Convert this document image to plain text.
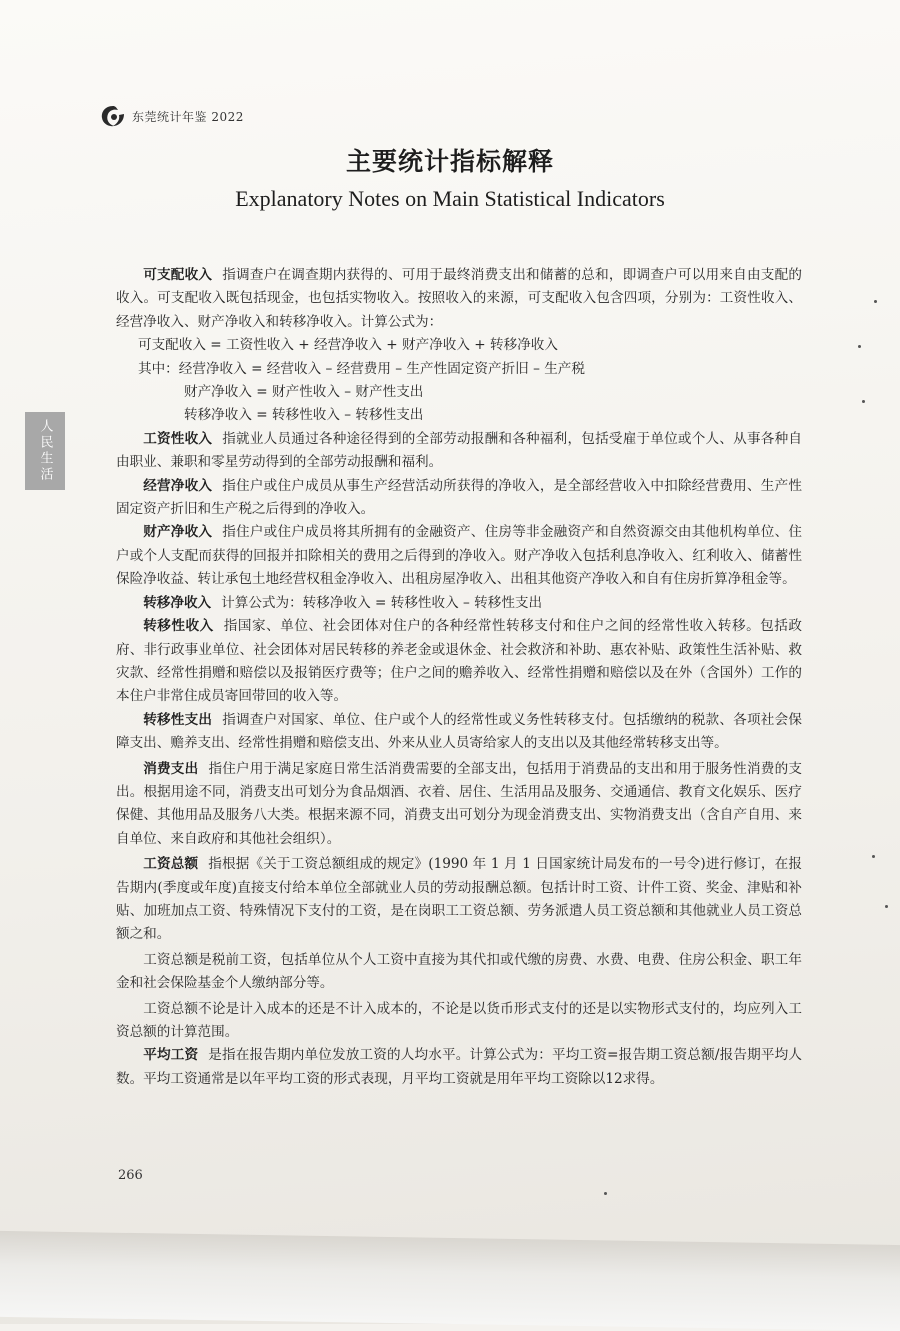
东莞统计年鉴 2022
主要统计指标解释
Explanatory Notes on Main Statistical Indicators
人民生活

可支配收入 指调查户在调查期内获得的、可用于最终消费支出和储蓄的总和，即调查户可以用来自由支配的收入。可支配收入既包括现金，也包括实物收入。按照收入的来源，可支配收入包含四项，分别为：工资性收入、经营净收入、财产净收入和转移净收入。计算公式为：

可支配收入 = 工资性收入 + 经营净收入 + 财产净收入 + 转移净收入

其中：经营净收入 = 经营收入 – 经营费用 – 生产性固定资产折旧 – 生产税

财产净收入 = 财产性收入 – 财产性支出

转移净收入 = 转移性收入 – 转移性支出

工资性收入 指就业人员通过各种途径得到的全部劳动报酬和各种福利，包括受雇于单位或个人、从事各种自由职业、兼职和零星劳动得到的全部劳动报酬和福利。

经营净收入 指住户或住户成员从事生产经营活动所获得的净收入，是全部经营收入中扣除经营费用、生产性固定资产折旧和生产税之后得到的净收入。

财产净收入 指住户或住户成员将其所拥有的金融资产、住房等非金融资产和自然资源交由其他机构单位、住户或个人支配而获得的回报并扣除相关的费用之后得到的净收入。财产净收入包括利息净收入、红利收入、储蓄性保险净收益、转让承包土地经营权租金净收入、出租房屋净收入、出租其他资产净收入和自有住房折算净租金等。

转移净收入 计算公式为：转移净收入 = 转移性收入 – 转移性支出

转移性收入 指国家、单位、社会团体对住户的各种经常性转移支付和住户之间的经常性收入转移。包括政府、非行政事业单位、社会团体对居民转移的养老金或退休金、社会救济和补助、惠农补贴、政策性生活补贴、救灾款、经常性捐赠和赔偿以及报销医疗费等；住户之间的赡养收入、经常性捐赠和赔偿以及在外（含国外）工作的本住户非常住成员寄回带回的收入等。

转移性支出 指调查户对国家、单位、住户或个人的经常性或义务性转移支付。包括缴纳的税款、各项社会保障支出、赡养支出、经常性捐赠和赔偿支出、外来从业人员寄给家人的支出以及其他经常转移支出等。

消费支出 指住户用于满足家庭日常生活消费需要的全部支出，包括用于消费品的支出和用于服务性消费的支出。根据用途不同，消费支出可划分为食品烟酒、衣着、居住、生活用品及服务、交通通信、教育文化娱乐、医疗保健、其他用品及服务八大类。根据来源不同，消费支出可划分为现金消费支出、实物消费支出（含自产自用、来自单位、来自政府和其他社会组织）。

工资总额 指根据《关于工资总额组成的规定》(1990 年 1 月 1 日国家统计局发布的一号令)进行修订，在报告期内(季度或年度)直接支付给本单位全部就业人员的劳动报酬总额。包括计时工资、计件工资、奖金、津贴和补贴、加班加点工资、特殊情况下支付的工资，是在岗职工工资总额、劳务派遣人员工资总额和其他就业人员工资总额之和。

工资总额是税前工资，包括单位从个人工资中直接为其代扣或代缴的房费、水费、电费、住房公积金、职工年金和社会保险基金个人缴纳部分等。

工资总额不论是计入成本的还是不计入成本的，不论是以货币形式支付的还是以实物形式支付的，均应列入工资总额的计算范围。

平均工资 是指在报告期内单位发放工资的人均水平。计算公式为：平均工资=报告期工资总额/报告期平均人数。平均工资通常是以年平均工资的形式表现，月平均工资就是用年平均工资除以12求得。

266
